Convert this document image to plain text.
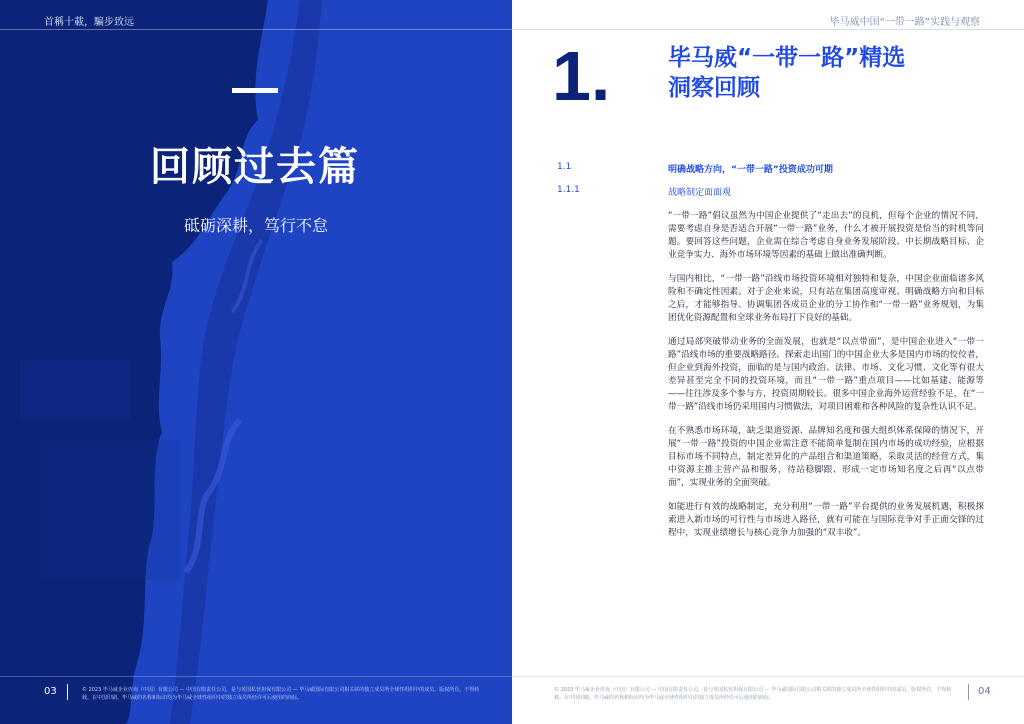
首稱十載，騙步致远
回顾过去篇
砥砺深耕，笃行不怠
03	© 2023 毕马威企业咨询（中国）有限公司 — 中国有限责任公司，是与英国私营担保有限公司 — 毕马威国际有限公司相关联的独立成员所全球性组织中的成员。版权所有，不得转载。在中国印刷。毕马威的名称和标识均为毕马威全球性组织中的独立成员所经许可后使用的商标。
毕马威中国“一带一路”实践与观察
1.	毕马威“一带一路”精选
洞察回顾
1.1	明确战略方向，“一带一路”投资成功可期
1.1.1	战略制定面面观

“一带一路”倡议虽然为中国企业提供了“走出去”的良机，但每个企业的情况不同，需要考虑自身是否适合开展“一带一路”业务，什么才被开展投资是恰当的时机等问题。要回答这些问题，企业需在综合考虑自身业务发展阶段、中长期战略目标、企业竞争实力、海外市场环境等因素的基础上做出准确判断。

与国内相比，“一带一路”沿线市场投资环境相对独特和复杂，中国企业面临诸多风险和不确定性因素。对于企业来说，只有站在集团高度审视、明确战略方向和目标之后，才能够指导、协调集团各成员企业的分工协作和“一带一路”业务规划，为集团优化资源配置和全球业务布局打下良好的基础。

通过局部突破带动业务的全面发展，也就是“以点带面”，是中国企业进入“一带一路”沿线市场的重要战略路径。探索走出国门的中国企业大多是国内市场的佼佼者，但企业到海外投资，面临的是与国内政治、法律、市场、文化习惯、文化等有很大差异甚至完全不同的投资环境，而且“一带一路”重点项目——比如基建、能源等——往往涉及多个参与方，投资周期较长。很多中国企业海外运营经验不足，在“一带一路”沿线市场仍采用国内习惯做法，对项目困难和各种风险的复杂性认识不足。

在不熟悉市场环境，缺乏渠道资源、品牌知名度和强大组织体系保障的情况下，开展“一带一路”投资的中国企业需注意不能简单复制在国内市场的成功经验，应根据目标市场不同特点，制定差异化的产品组合和渠道策略，采取灵活的经营方式，集中资源主推主营产品和服务，待站稳脚跟、形成一定市场知名度之后再“以点带面”，实现业务的全面突破。

如能进行有效的战略制定，充分利用“一带一路”平台提供的业务发展机遇，积极探索进入新市场的可行性与市场进入路径，就有可能在与国际竞争对手正面交锋的过程中，实现业绩增长与核心竞争力加强的“双丰收”。

© 2023 毕马威企业咨询（中国）有限公司 — 中国有限责任公司，是与英国私营担保有限公司 — 毕马威国际有限公司相关联的独立成员所全球性组织中的成员。版权所有，不得转载。在中国印刷。毕马威的名称和标识均为毕马威全球性组织中的独立成员所经许可后使用的商标。
04
